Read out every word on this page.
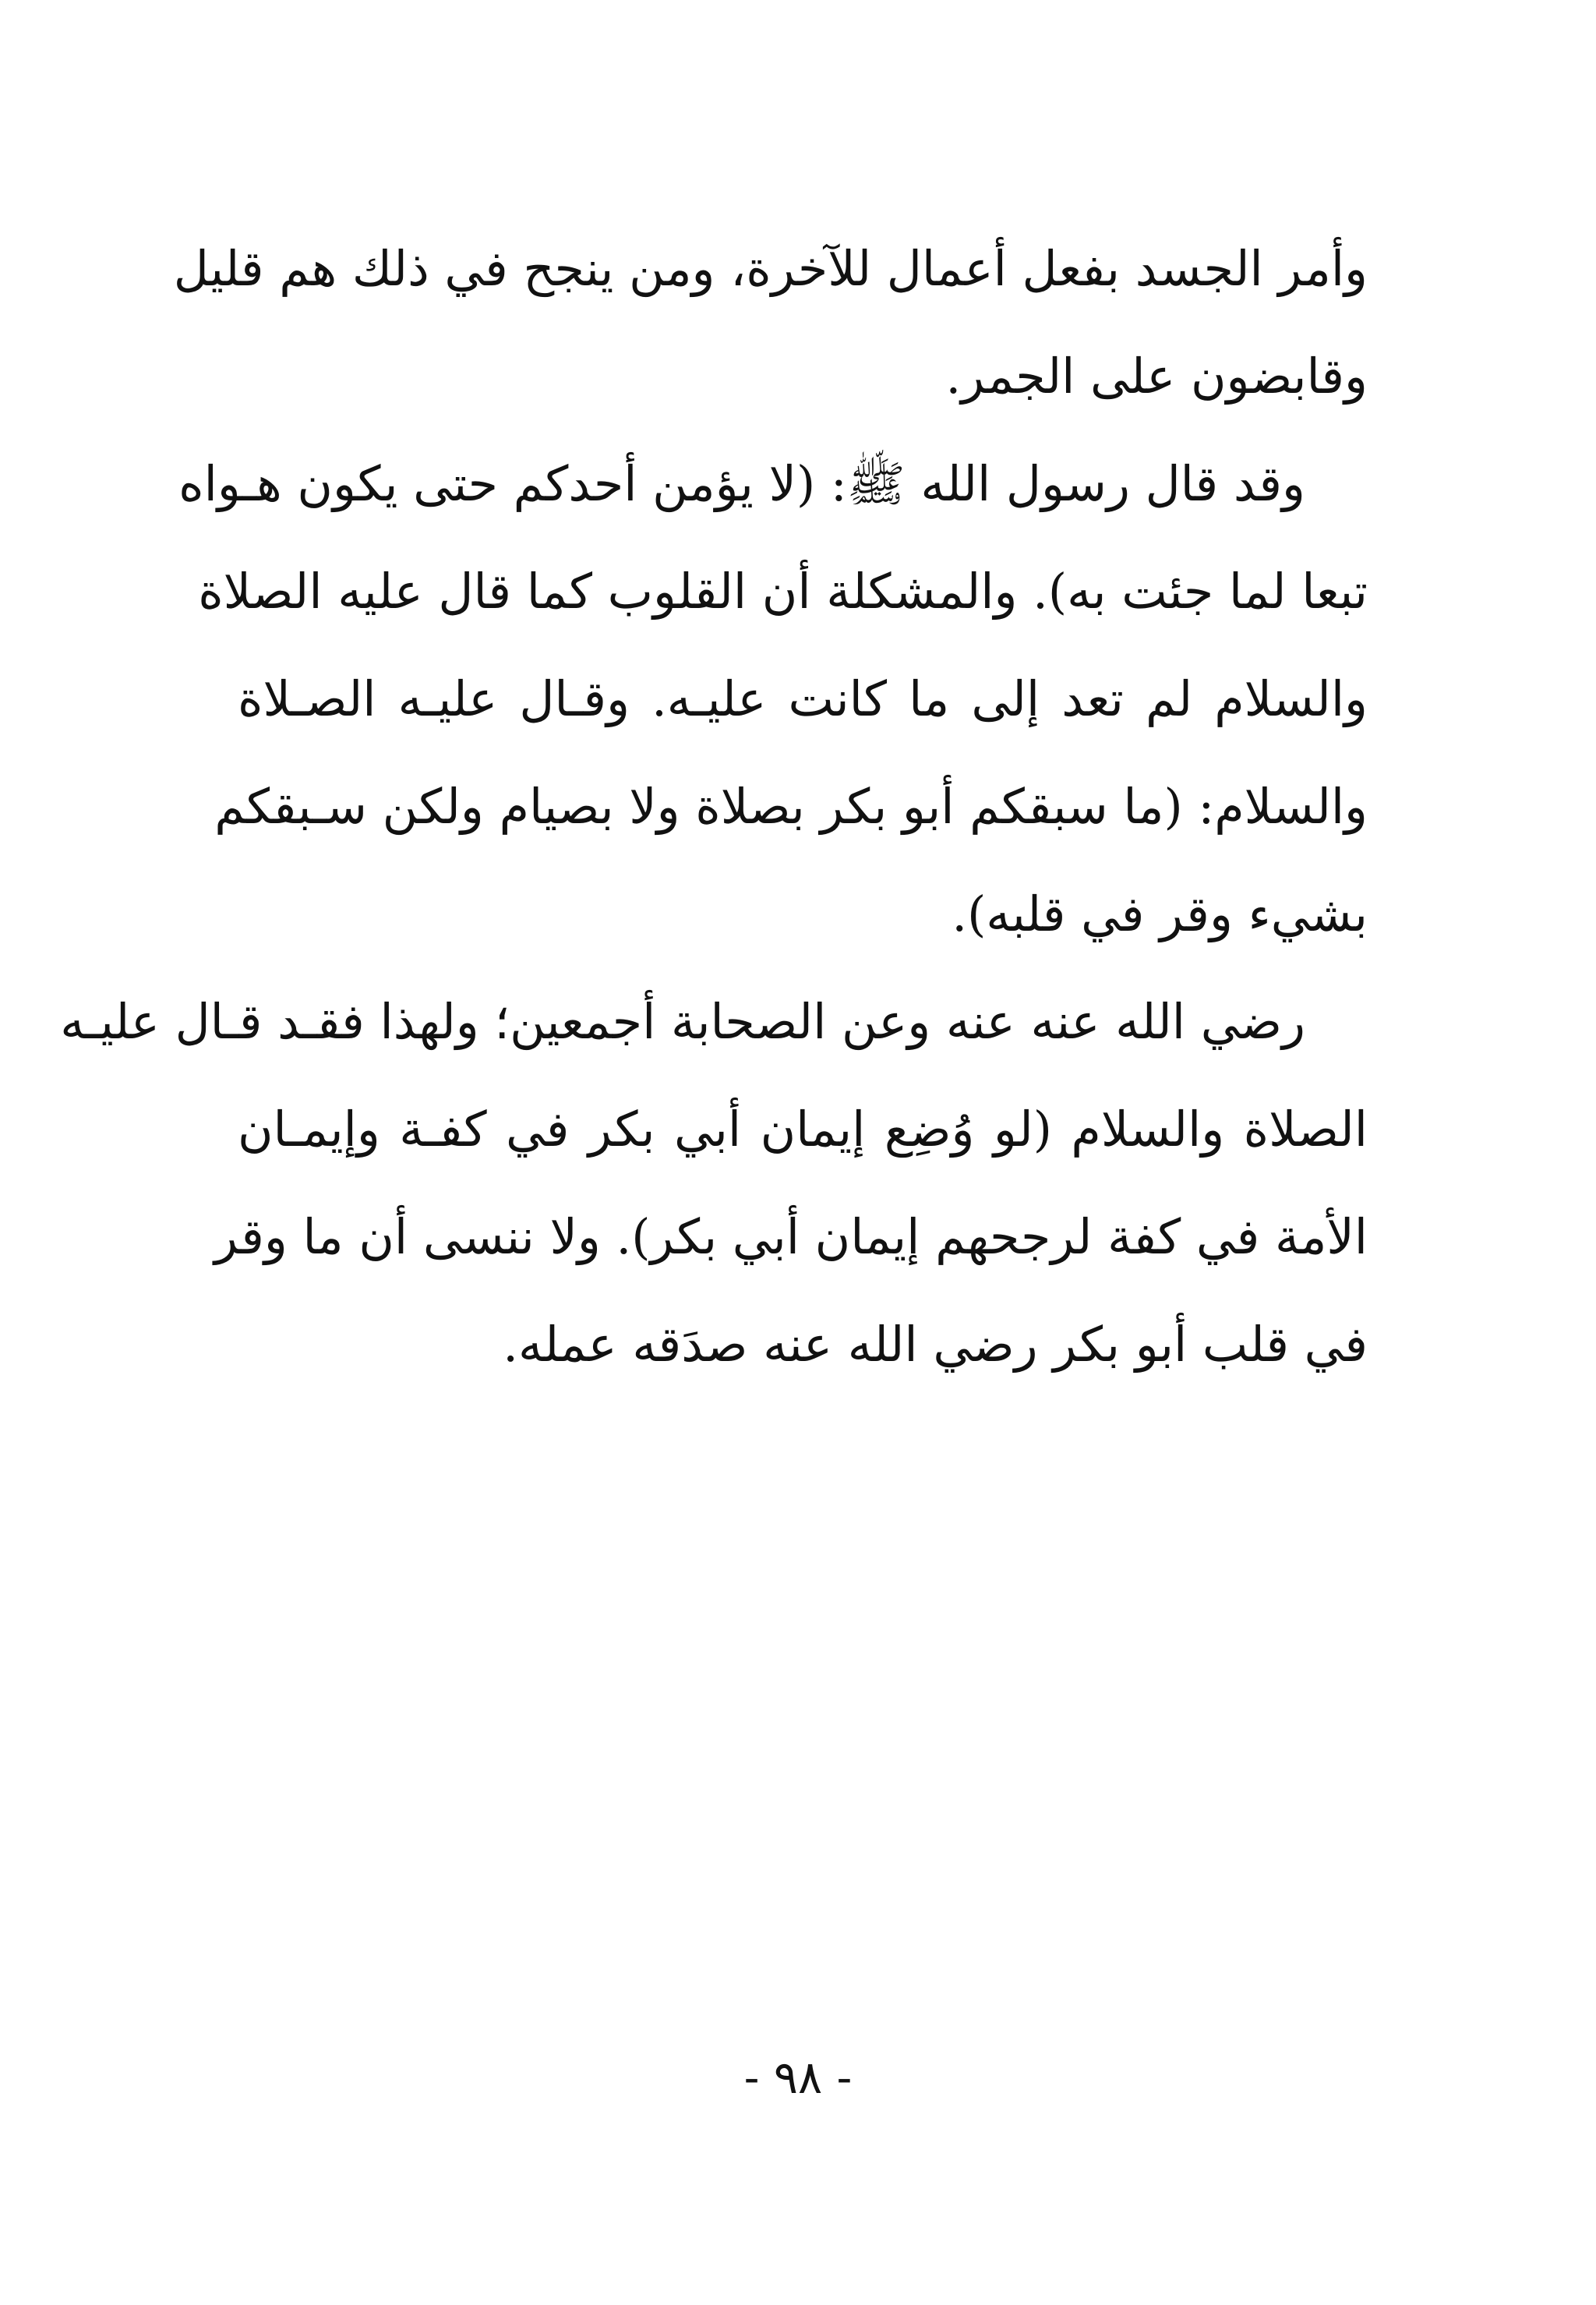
وأمر الجسد بفعل أعمال للآخرة، ومن ينجح في ذلك هم قليل
وقابضون على الجمر.
وقد قال رسول الله ﷺ: (لا يؤمن أحدكم حتى يكون هـواه
تبعا لما جئت به). والمشكلة أن القلوب كما قال عليه الصلاة
والسلام لم تعد إلى ما كانت عليـه. وقـال عليـه الصـلاة
والسلام: (ما سبقكم أبو بكر بصلاة ولا بصيام ولكن سـبقكم
بشيء وقر في قلبه).
رضي الله عنه عنه وعن الصحابة أجمعين؛ ولهذا فقـد قـال عليـه
الصلاة والسلام (لو وُضِع إيمان أبي بكر في كفـة وإيمـان
الأمة في كفة لرجحهم إيمان أبي بكر). ولا ننسى أن ما وقر
في قلب أبو بكر رضي الله عنه صدَقه عمله.
- ٩٨ -
